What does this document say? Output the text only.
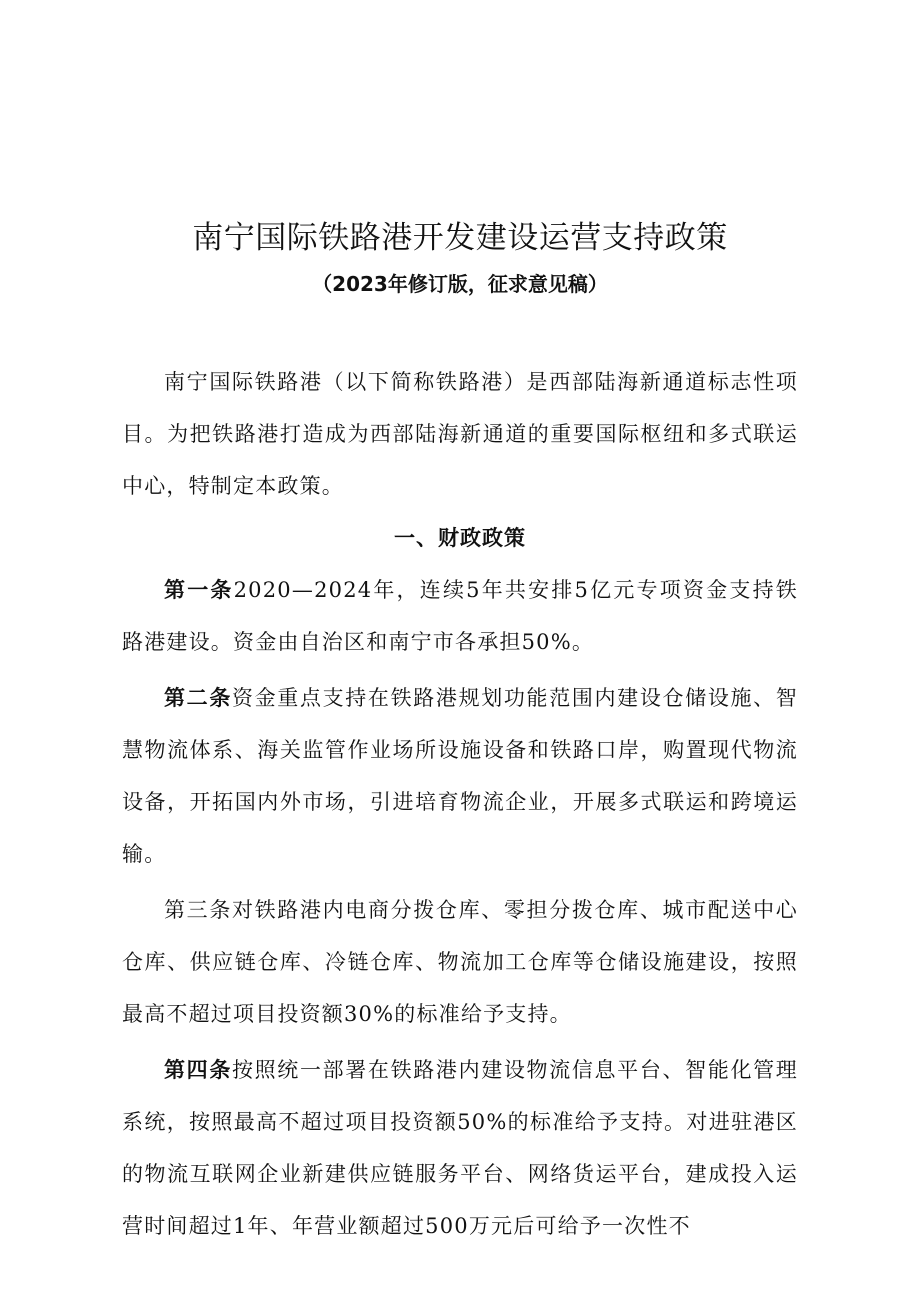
南宁国际铁路港开发建设运营支持政策
（2023年修订版，征求意见稿）

南宁国际铁路港（以下简称铁路港）是西部陆海新通道标志性项目。为把铁路港打造成为西部陆海新通道的重要国际枢纽和多式联运中心，特制定本政策。

一、财政政策

第一条2020—2024年，连续5年共安排5亿元专项资金支持铁路港建设。资金由自治区和南宁市各承担50%。

第二条资金重点支持在铁路港规划功能范围内建设仓储设施、智慧物流体系、海关监管作业场所设施设备和铁路口岸，购置现代物流设备，开拓国内外市场，引进培育物流企业，开展多式联运和跨境运输。

第三条对铁路港内电商分拨仓库、零担分拨仓库、城市配送中心仓库、供应链仓库、冷链仓库、物流加工仓库等仓储设施建设，按照最高不超过项目投资额30%的标准给予支持。

第四条按照统一部署在铁路港内建设物流信息平台、智能化管理系统，按照最高不超过项目投资额50%的标准给予支持。对进驻港区的物流互联网企业新建供应链服务平台、网络货运平台，建成投入运营时间超过1年、年营业额超过500万元后可给予一次性不
